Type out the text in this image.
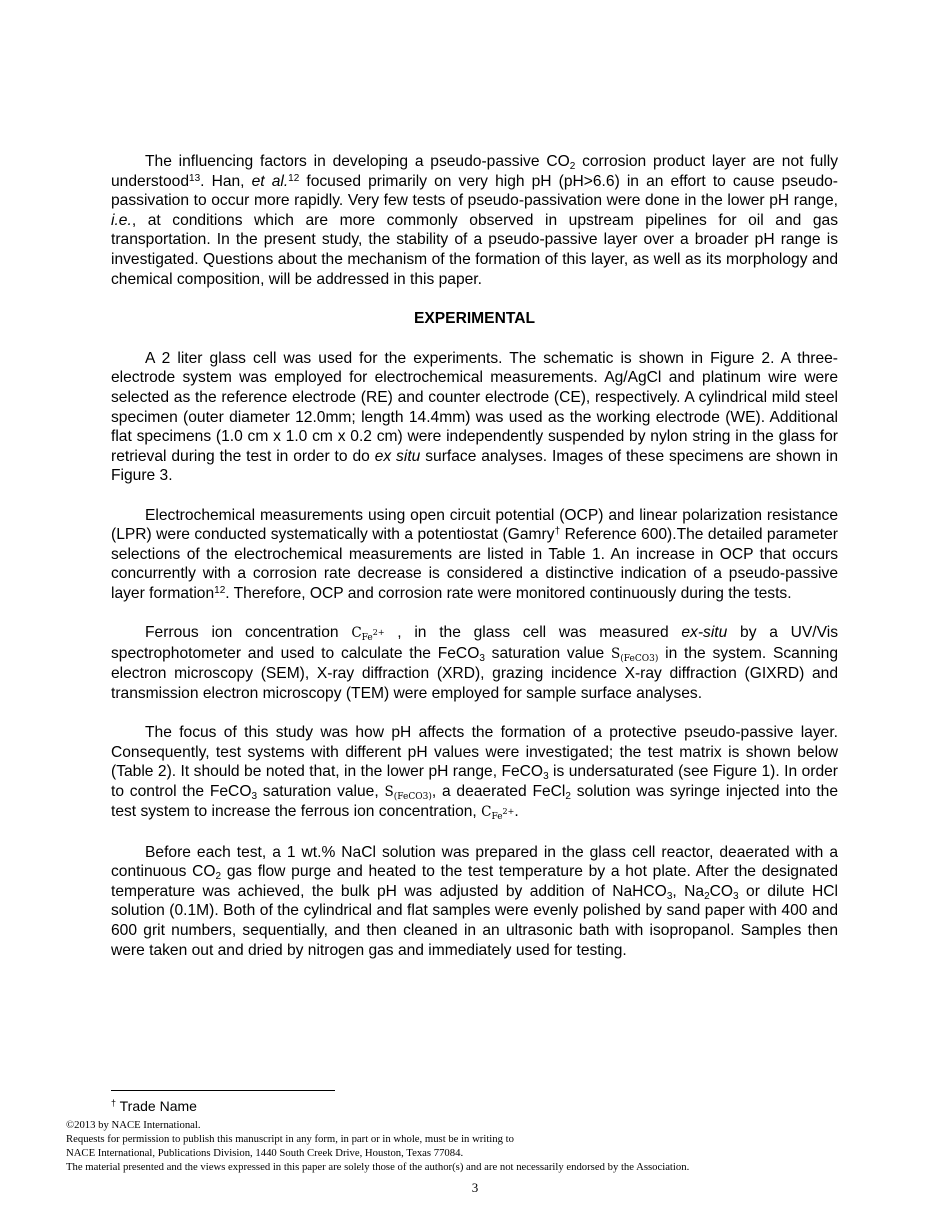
The influencing factors in developing a pseudo-passive $CO_2$ corrosion product layer are not fully understood$^{13}$. Han, et al.$^{12}$ focused primarily on very high pH (pH>6.6) in an effort to cause pseudo-passivation to occur more rapidly. Very few tests of pseudo-passivation were done in the lower pH range, i.e., at conditions which are more commonly observed in upstream pipelines for oil and gas transportation. In the present study, the stability of a pseudo-passive layer over a broader pH range is investigated. Questions about the mechanism of the formation of this layer, as well as its morphology and chemical composition, will be addressed in this paper.

EXPERIMENTAL

A 2 liter glass cell was used for the experiments. The schematic is shown in Figure 2. A three-electrode system was employed for electrochemical measurements. Ag/AgCl and platinum wire were selected as the reference electrode (RE) and counter electrode (CE), respectively. A cylindrical mild steel specimen (outer diameter 12.0mm; length 14.4mm) was used as the working electrode (WE). Additional flat specimens (1.0 cm x 1.0 cm x 0.2 cm) were independently suspended by nylon string in the glass for retrieval during the test in order to do ex situ surface analyses. Images of these specimens are shown in Figure 3.

Electrochemical measurements using open circuit potential (OCP) and linear polarization resistance (LPR) were conducted systematically with a potentiostat (Gamry† Reference 600).The detailed parameter selections of the electrochemical measurements are listed in Table 1. An increase in OCP that occurs concurrently with a corrosion rate decrease is considered a distinctive indication of a pseudo-passive layer formation$^{12}$. Therefore, OCP and corrosion rate were monitored continuously during the tests.

Ferrous ion concentration $C_{Fe^{2+}}$ , in the glass cell was measured ex-situ by a UV/Vis spectrophotometer and used to calculate the FeCO$_3$ saturation value $S_{(FeCO3)}$ in the system. Scanning electron microscopy (SEM), X-ray diffraction (XRD), grazing incidence X-ray diffraction (GIXRD) and transmission electron microscopy (TEM) were employed for sample surface analyses.

The focus of this study was how pH affects the formation of a protective pseudo-passive layer. Consequently, test systems with different pH values were investigated; the test matrix is shown below (Table 2). It should be noted that, in the lower pH range, FeCO$_3$ is undersaturated (see Figure 1). In order to control the FeCO$_3$ saturation value, $S_{(FeCO3)}$, a deaerated FeCl$_2$ solution was syringe injected into the test system to increase the ferrous ion concentration, $C_{Fe^{2+}}$.

Before each test, a 1 wt.% NaCl solution was prepared in the glass cell reactor, deaerated with a continuous $CO_2$ gas flow purge and heated to the test temperature by a hot plate. After the designated temperature was achieved, the bulk pH was adjusted by addition of NaHCO$_3$, $Na_2CO_3$ or dilute HCl solution (0.1M). Both of the cylindrical and flat samples were evenly polished by sand paper with 400 and 600 grit numbers, sequentially, and then cleaned in an ultrasonic bath with isopropanol. Samples then were taken out and dried by nitrogen gas and immediately used for testing.

† Trade Name
©2013 by NACE International.
Requests for permission to publish this manuscript in any form, in part or in whole, must be in writing to
NACE International, Publications Division, 1440 South Creek Drive, Houston, Texas 77084.
The material presented and the views expressed in this paper are solely those of the author(s) and are not necessarily endorsed by the Association.
3
